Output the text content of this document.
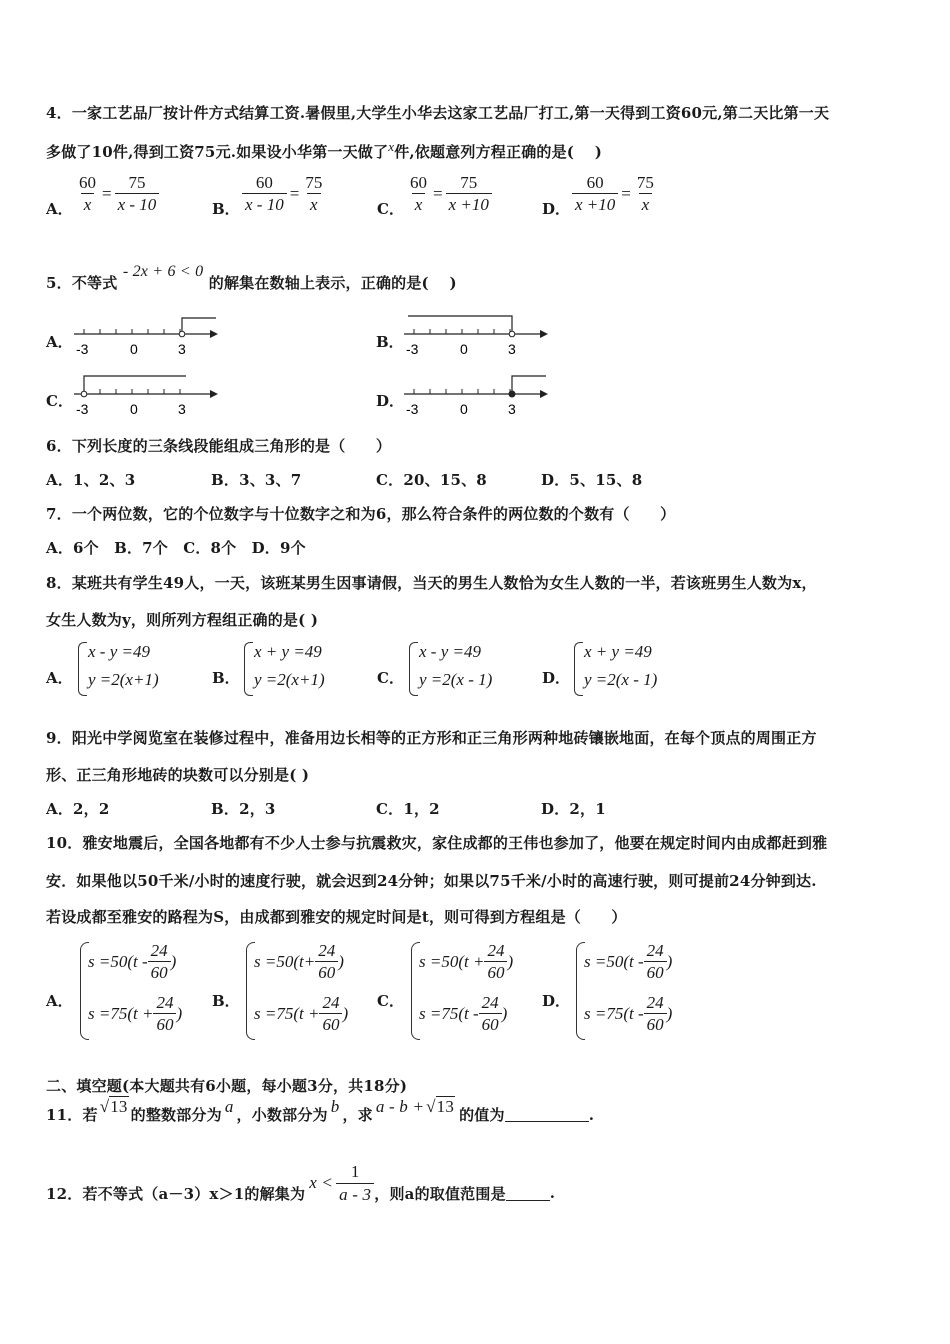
4．一家工艺品厂按计件方式结算工资.暑假里,大学生小华去这家工艺品厂打工,第一天得到工资60元,第二天比第一天
多做了10件,得到工资75元.如果设小华第一天做了$^x$件,依题意列方程正确的是(　 )
A． $\frac{60}{x} = \frac{75}{x - 10}$	B． $\frac{60}{x - 10} = \frac{75}{x}$	C． $\frac{60}{x} = \frac{75}{x +10}$	D． $\frac{60}{x +10} = \frac{75}{x}$
5．不等式 - 2x + 6 < 0 的解集在数轴上表示，正确的是(　 )
A． -3	0	3	B． -3	0	3
C． -3	0	3	D． -3	0	3
6．下列长度的三条线段能组成三角形的是（　　）
A．1、2、3	B．3、3、7	C．20、15、8	D．5、15、8
7．一个两位数，它的个位数字与十位数字之和为6，那么符合条件的两位数的个数有（　　）
A．6个　B．7个　C．8个　D．9个
8．某班共有学生49人，一天，该班某男生因事请假，当天的男生人数恰为女生人数的一半，若该班男生人数为x，
女生人数为y，则所列方程组正确的是( )
A．
x - y =49
y =2(x+1)	B．
x + y =49
y =2(x+1)	C．
x - y =49
y =2(x - 1)	D．
x + y =49
y =2(x - 1)
9．阳光中学阅览室在装修过程中，准备用边长相等的正方形和正三角形两种地砖镶嵌地面，在每个顶点的周围正方
形、正三角形地砖的块数可以分别是( )
A．2，2	B．2，3	C．1，2	D．2，1
10．雅安地震后，全国各地都有不少人士参与抗震救灾，家住成都的王伟也参加了，他要在规定时间内由成都赶到雅
安．如果他以50千米/小时的速度行驶，就会迟到24分钟；如果以75千米/小时的高速行驶，则可提前24分钟到达.
若设成都至雅安的路程为S，由成都到雅安的规定时间是t，则可得到方程组是（　　）
A．
$s =50(t - \frac{24}{60}$ )
$s =75(t + \frac{24}{60}$ )
B．
$s =50(t+ \frac{24}{60}$ )
$s =75(t + \frac{24}{60}$ )
C．
$s =50(t + \frac{24}{60}$ )
$s =75(t - \frac{24}{60}$ )
D．
$s =50(t - \frac{24}{60}$ )
$s =75(t - \frac{24}{60}$ )
二、填空题(本大题共有6小题，每小题3分，共18分)
11．若 √13 的整数部分为 a ，小数部分为 b ，求 a - b + √13 的值为	.
12．若不等式（a－3）x＞1的解集为
$x < \frac{1}{a - 3}$ ，则a的取值范围是	.
